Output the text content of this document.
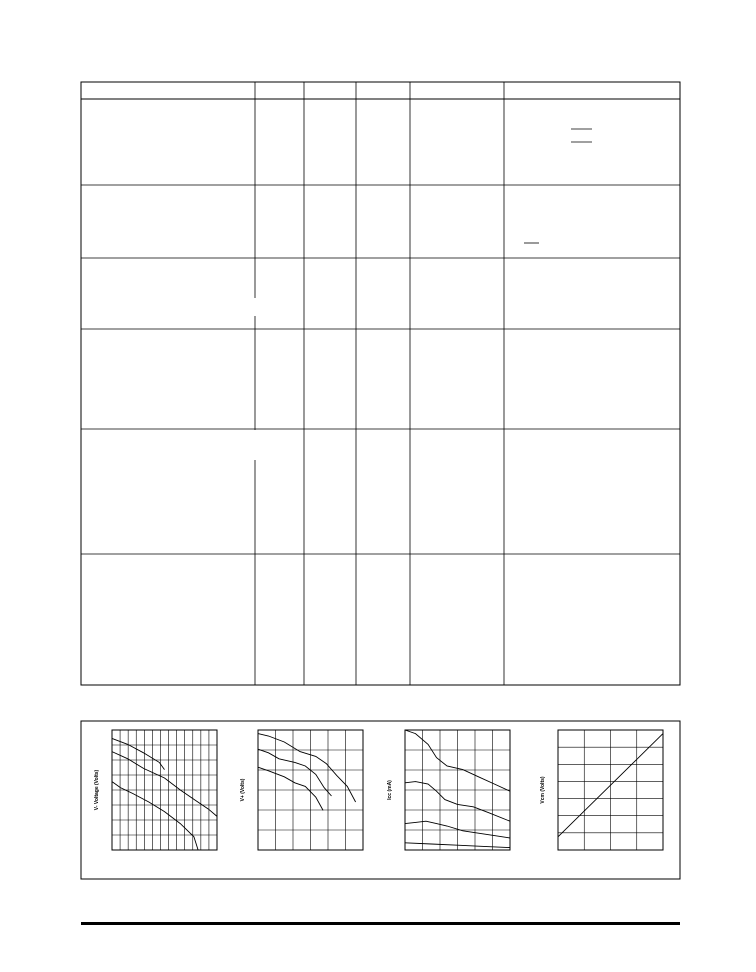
V- Voltage (Volts)	V+ (Volts)	Icc (mA)	Vcm (Volts)
